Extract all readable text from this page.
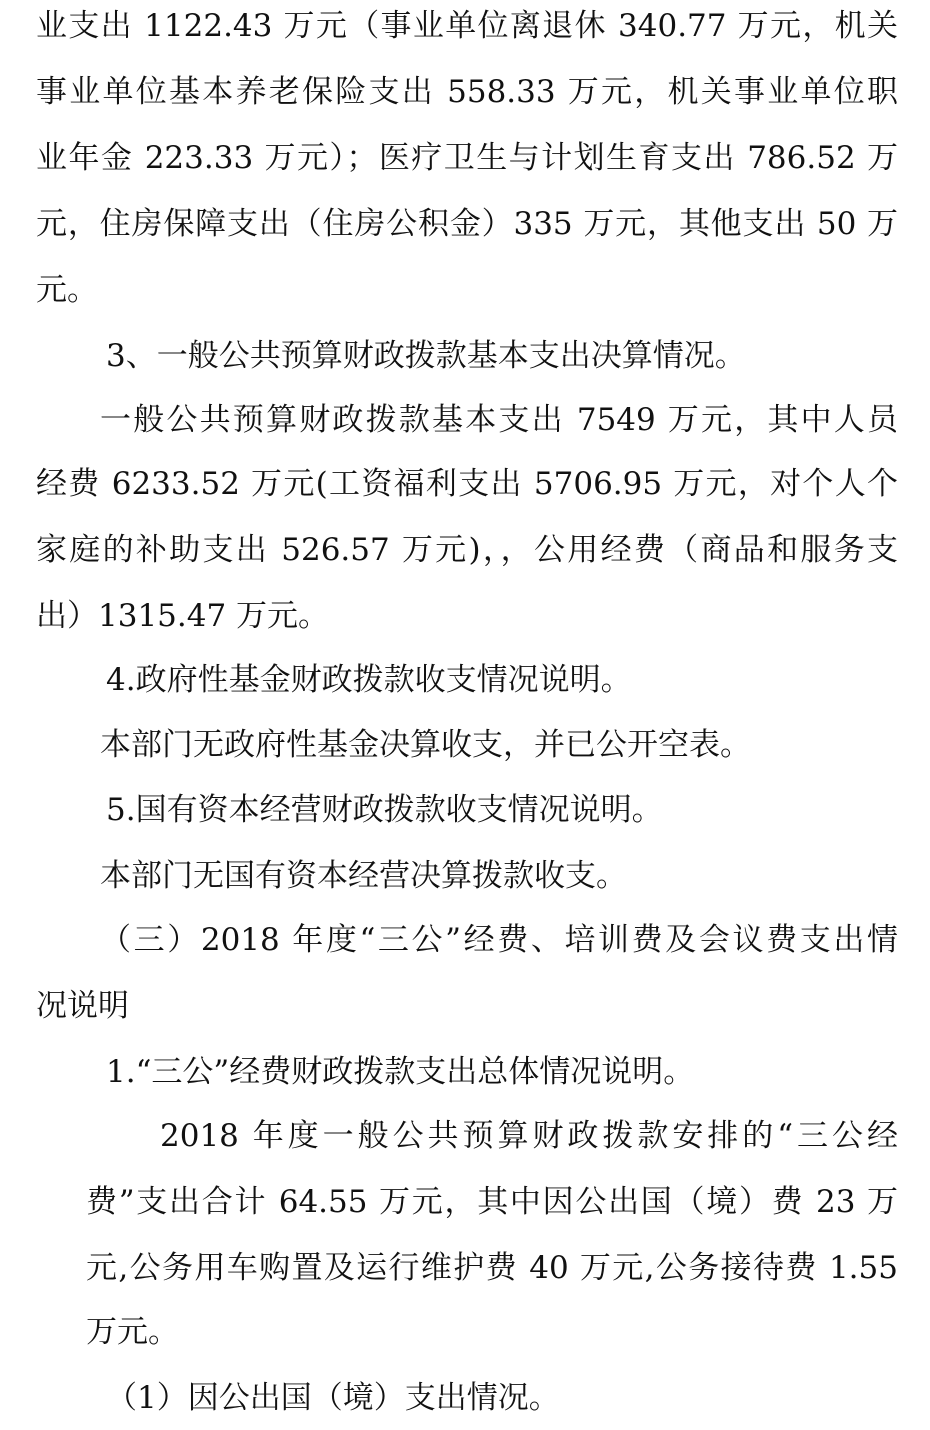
业支出 1122.43 万元（事业单位离退休 340.77 万元，机关
事业单位基本养老保险支出 558.33 万元，机关事业单位职
业年金 223.33 万元）；医疗卫生与计划生育支出 786.52 万
元，住房保障支出（住房公积金）335 万元，其他支出 50 万
元。
3、一般公共预算财政拨款基本支出决算情况。
一般公共预算财政拨款基本支出 7549 万元，其中人员
经费 6233.52 万元(工资福利支出 5706.95 万元，对个人个
家庭的补助支出 526.57 万元)，，公用经费（商品和服务支
出）1315.47 万元。
4.政府性基金财政拨款收支情况说明。
本部门无政府性基金决算收支，并已公开空表。
5.国有资本经营财政拨款收支情况说明。
本部门无国有资本经营决算拨款收支。
（三）2018 年度“三公”经费、培训费及会议费支出情
况说明
1.“三公”经费财政拨款支出总体情况说明。
2018 年度一般公共预算财政拨款安排的“三公经
费”支出合计 64.55 万元，其中因公出国（境）费 23 万
元,公务用车购置及运行维护费 40 万元,公务接待费 1.55
万元。
（1）因公出国（境）支出情况。
